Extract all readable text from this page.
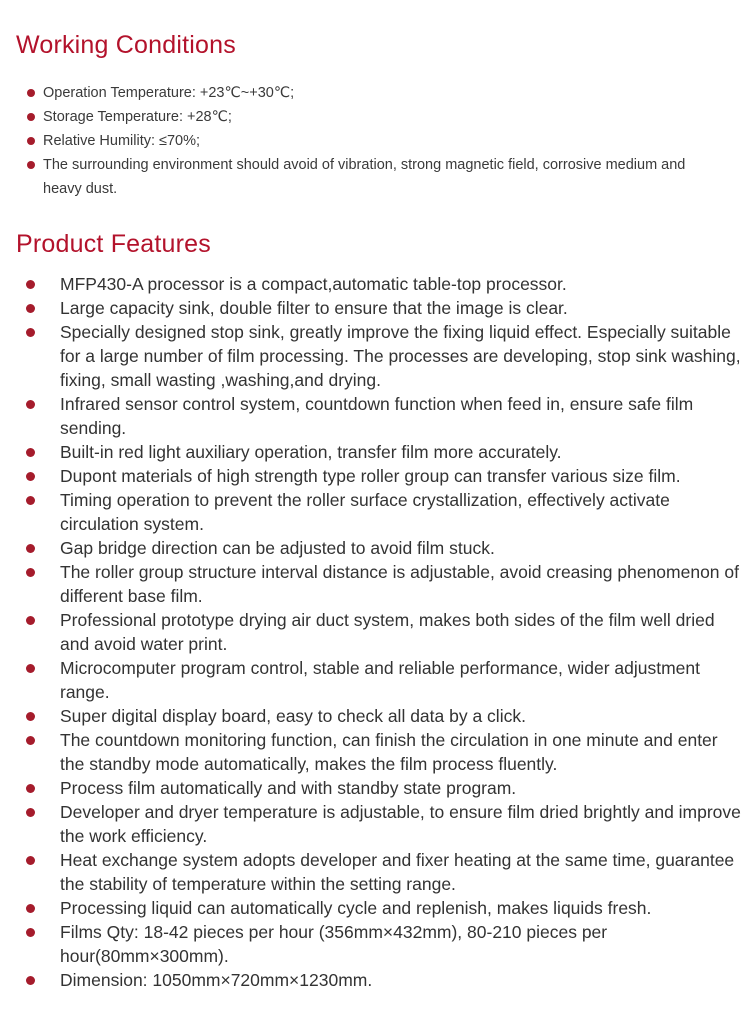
Working Conditions
Operation Temperature: +23℃~+30℃;
Storage Temperature: +28℃;
Relative Humility: ≤70%;
The surrounding environment should avoid of vibration, strong magnetic field, corrosive medium and heavy dust.
Product Features
MFP430-A processor is a compact,automatic table-top processor.
Large capacity sink, double filter to ensure that the image is clear.
Specially designed stop sink, greatly improve the fixing liquid effect. Especially suitable for a large number of film processing. The processes are developing, stop sink washing, fixing, small wasting ,washing,and drying.
Infrared sensor control system, countdown function when feed in, ensure safe film sending.
Built-in red light auxiliary operation, transfer film more accurately.
Dupont materials of high strength type roller group can transfer various size film.
Timing operation to prevent the roller surface crystallization, effectively activate circulation system.
Gap bridge direction can be adjusted to avoid film stuck.
The roller group structure interval distance is adjustable, avoid creasing phenomenon of different base film.
Professional prototype drying air duct system, makes both sides of the film well dried and avoid water print.
Microcomputer program control, stable and reliable performance, wider adjustment range.
Super digital display board, easy to check all data by a click.
The countdown monitoring function, can finish the circulation in one minute and enter the standby mode automatically, makes the film process fluently.
Process film automatically and with standby state program.
Developer and dryer temperature is adjustable, to ensure film dried brightly and improve the work efficiency.
Heat exchange system adopts developer and fixer heating at the same time, guarantee the stability of temperature within the setting range.
Processing liquid can automatically cycle and replenish, makes liquids fresh.
Films Qty: 18-42 pieces per hour (356mm×432mm), 80-210 pieces per hour(80mm×300mm).
Dimension: 1050mm×720mm×1230mm.
